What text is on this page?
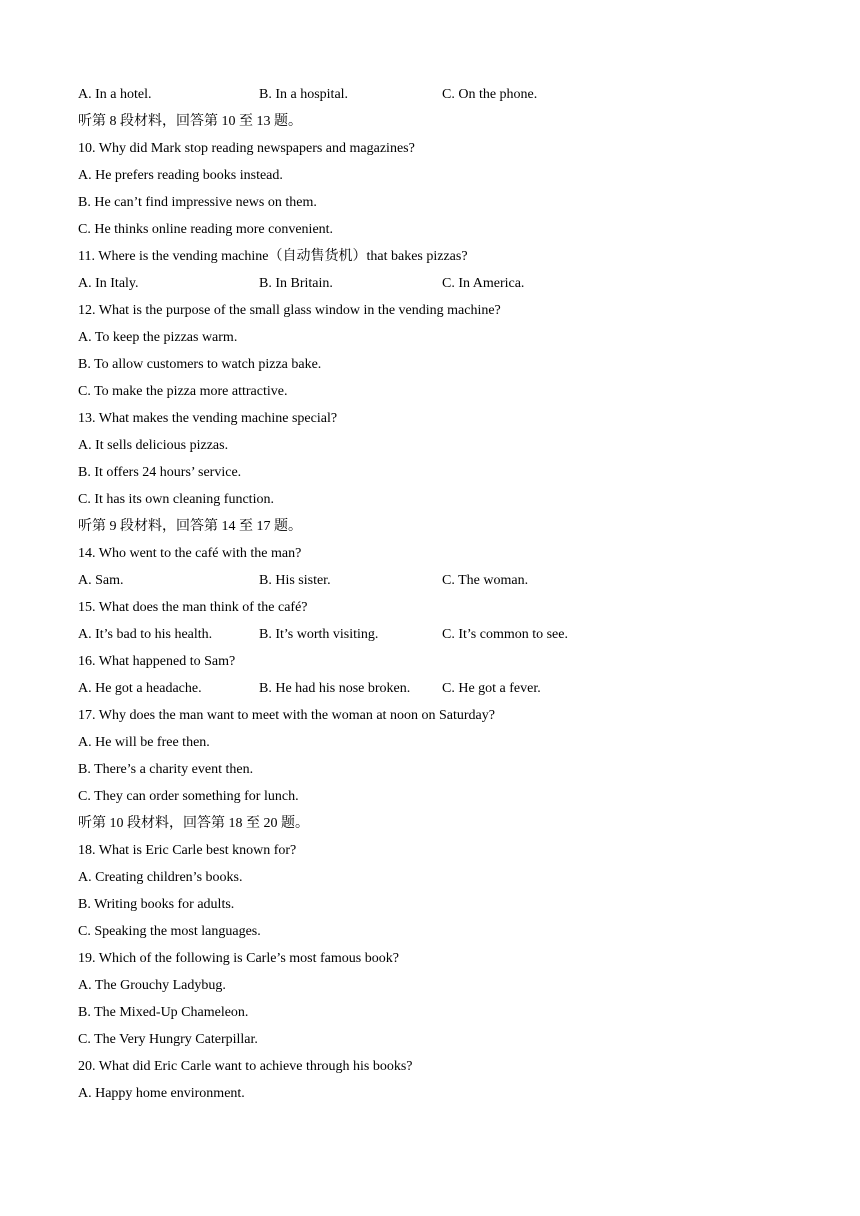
A. In a hotel.	B. In a hospital.	C. On the phone.
听第 8 段材料，回答第 10 至 13 题。
10. Why did Mark stop reading newspapers and magazines?
A. He prefers reading books instead.
B. He can’t find impressive news on them.
C. He thinks online reading more convenient.
11. Where is the vending machine（自动售货机）that bakes pizzas?
A. In Italy.	B. In Britain.	C. In America.
12. What is the purpose of the small glass window in the vending machine?
A. To keep the pizzas warm.
B. To allow customers to watch pizza bake.
C. To make the pizza more attractive.
13. What makes the vending machine special?
A. It sells delicious pizzas.
B. It offers 24 hours’ service.
C. It has its own cleaning function.
听第 9 段材料，回答第 14 至 17 题。
14. Who went to the café with the man?
A. Sam.	B. His sister.	C. The woman.
15. What does the man think of the café?
A. It’s bad to his health.	B. It’s worth visiting.	C. It’s common to see.
16. What happened to Sam?
A. He got a headache.	B. He had his nose broken. C. He got a fever.
17. Why does the man want to meet with the woman at noon on Saturday?
A. He will be free then.
B. There’s a charity event then.
C. They can order something for lunch.
听第 10 段材料，回答第 18 至 20 题。
18. What is Eric Carle best known for?
A. Creating children’s books.
B. Writing books for adults.
C. Speaking the most languages.
19. Which of the following is Carle’s most famous book?
A. The Grouchy Ladybug.
B. The Mixed-Up Chameleon.
C. The Very Hungry Caterpillar.
20. What did Eric Carle want to achieve through his books?
A. Happy home environment.
